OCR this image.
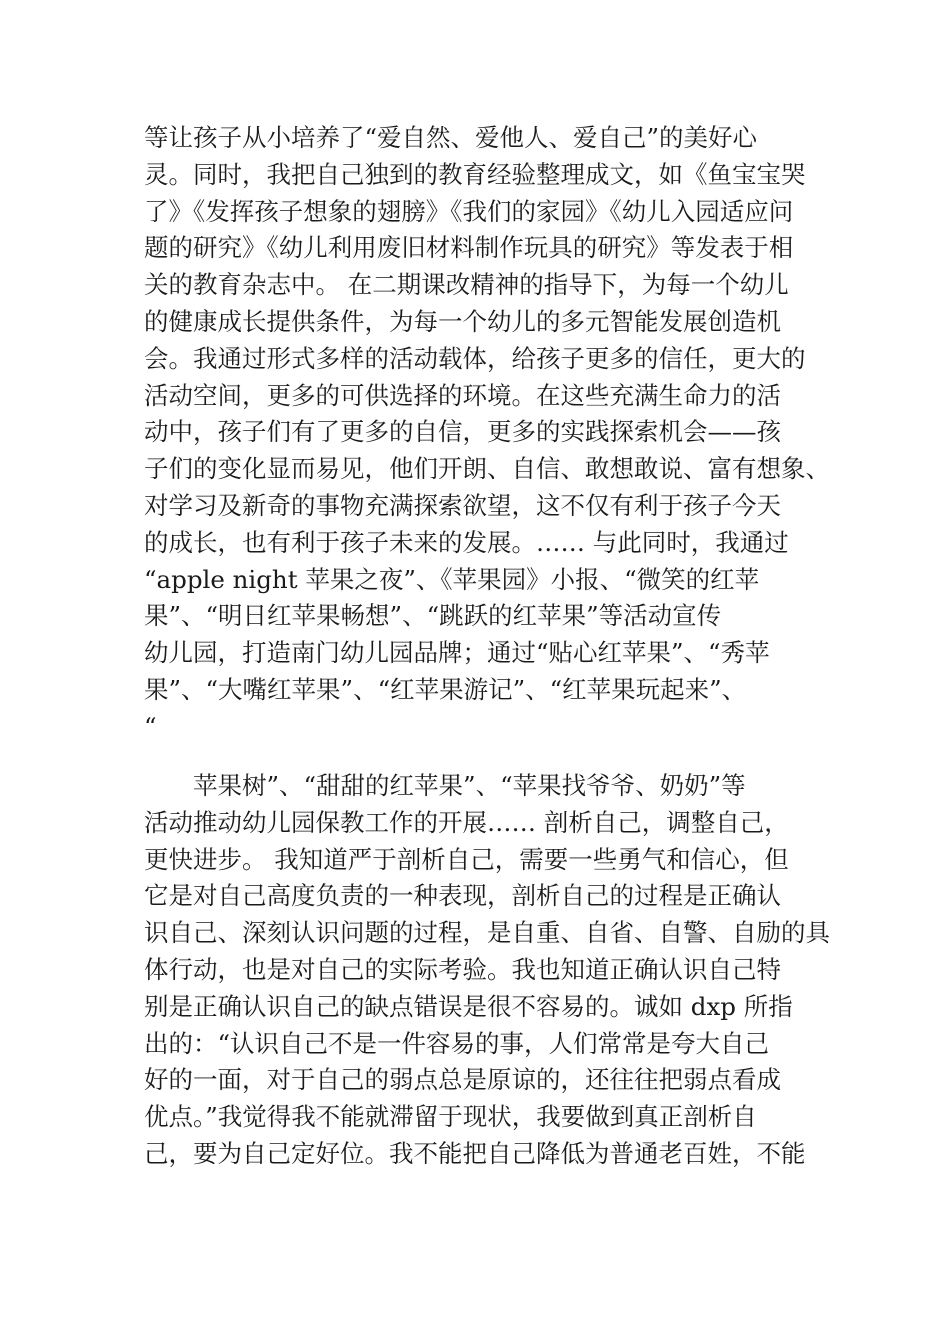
等让孩子从小培养了“爱自然、爱他人、爱自己”的美好心
灵。同时，我把自己独到的教育经验整理成文，如《鱼宝宝哭
了》《发挥孩子想象的翅膀》《我们的家园》《幼儿入园适应问
题的研究》《幼儿利用废旧材料制作玩具的研究》等发表于相
关的教育杂志中。 在二期课改精神的指导下，为每一个幼儿
的健康成长提供条件，为每一个幼儿的多元智能发展创造机
会。我通过形式多样的活动载体，给孩子更多的信任，更大的
活动空间，更多的可供选择的环境。在这些充满生命力的活
动中，孩子们有了更多的自信，更多的实践探索机会——孩
子们的变化显而易见，他们开朗、自信、敢想敢说、富有想象、
对学习及新奇的事物充满探索欲望，这不仅有利于孩子今天
的成长，也有利于孩子未来的发展。…… 与此同时，我通过
“apple night 苹果之夜”、《苹果园》小报、“微笑的红苹
果”、“明日红苹果畅想”、“跳跃的红苹果”等活动宣传
幼儿园，打造南门幼儿园品牌；通过“贴心红苹果”、“秀苹
果”、“大嘴红苹果”、“红苹果游记”、“红苹果玩起来”、
“
　　苹果树”、“甜甜的红苹果”、“苹果找爷爷、奶奶”等
活动推动幼儿园保教工作的开展…… 剖析自己，调整自己，
更快进步。 我知道严于剖析自己，需要一些勇气和信心，但
它是对自己高度负责的一种表现，剖析自己的过程是正确认
识自己、深刻认识问题的过程，是自重、自省、自警、自励的具
体行动，也是对自己的实际考验。我也知道正确认识自己特
别是正确认识自己的缺点错误是很不容易的。诚如 dxp 所指
出的：“认识自己不是一件容易的事，人们常常是夸大自己
好的一面，对于自己的弱点总是原谅的，还往往把弱点看成
优点。”我觉得我不能就滞留于现状，我要做到真正剖析自
己，要为自己定好位。我不能把自己降低为普通老百姓，不能
